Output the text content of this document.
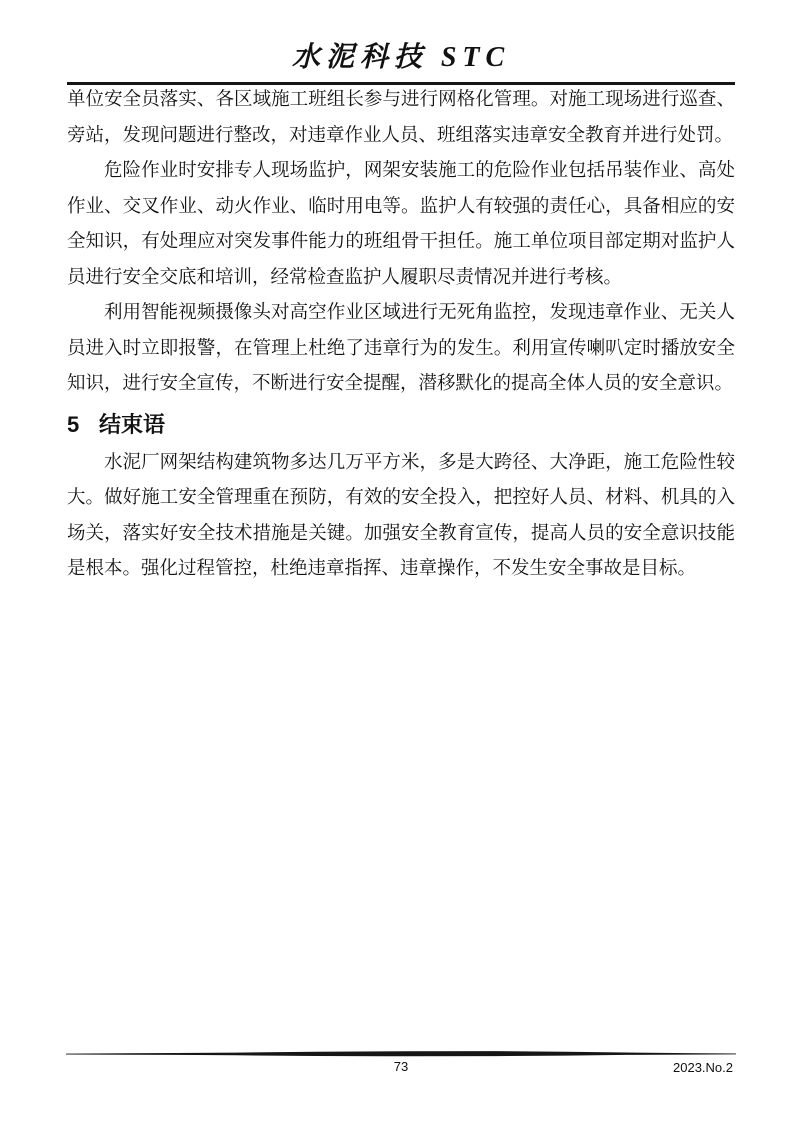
水泥科技 STC

单位安全员落实、各区域施工班组长参与进行网格化管理。对施工现场进行巡查、旁站，发现问题进行整改，对违章作业人员、班组落实违章安全教育并进行处罚。

危险作业时安排专人现场监护，网架安装施工的危险作业包括吊装作业、高处作业、交叉作业、动火作业、临时用电等。监护人有较强的责任心，具备相应的安全知识，有处理应对突发事件能力的班组骨干担任。施工单位项目部定期对监护人员进行安全交底和培训，经常检查监护人履职尽责情况并进行考核。

利用智能视频摄像头对高空作业区域进行无死角监控，发现违章作业、无关人员进入时立即报警，在管理上杜绝了违章行为的发生。利用宣传喇叭定时播放安全知识，进行安全宣传，不断进行安全提醒，潜移默化的提高全体人员的安全意识。

5 结束语

水泥厂网架结构建筑物多达几万平方米，多是大跨径、大净距，施工危险性较大。做好施工安全管理重在预防，有效的安全投入，把控好人员、材料、机具的入场关，落实好安全技术措施是关键。加强安全教育宣传，提高人员的安全意识技能是根本。强化过程管控，杜绝违章指挥、违章操作，不发生安全事故是目标。

73	2023.No.2
